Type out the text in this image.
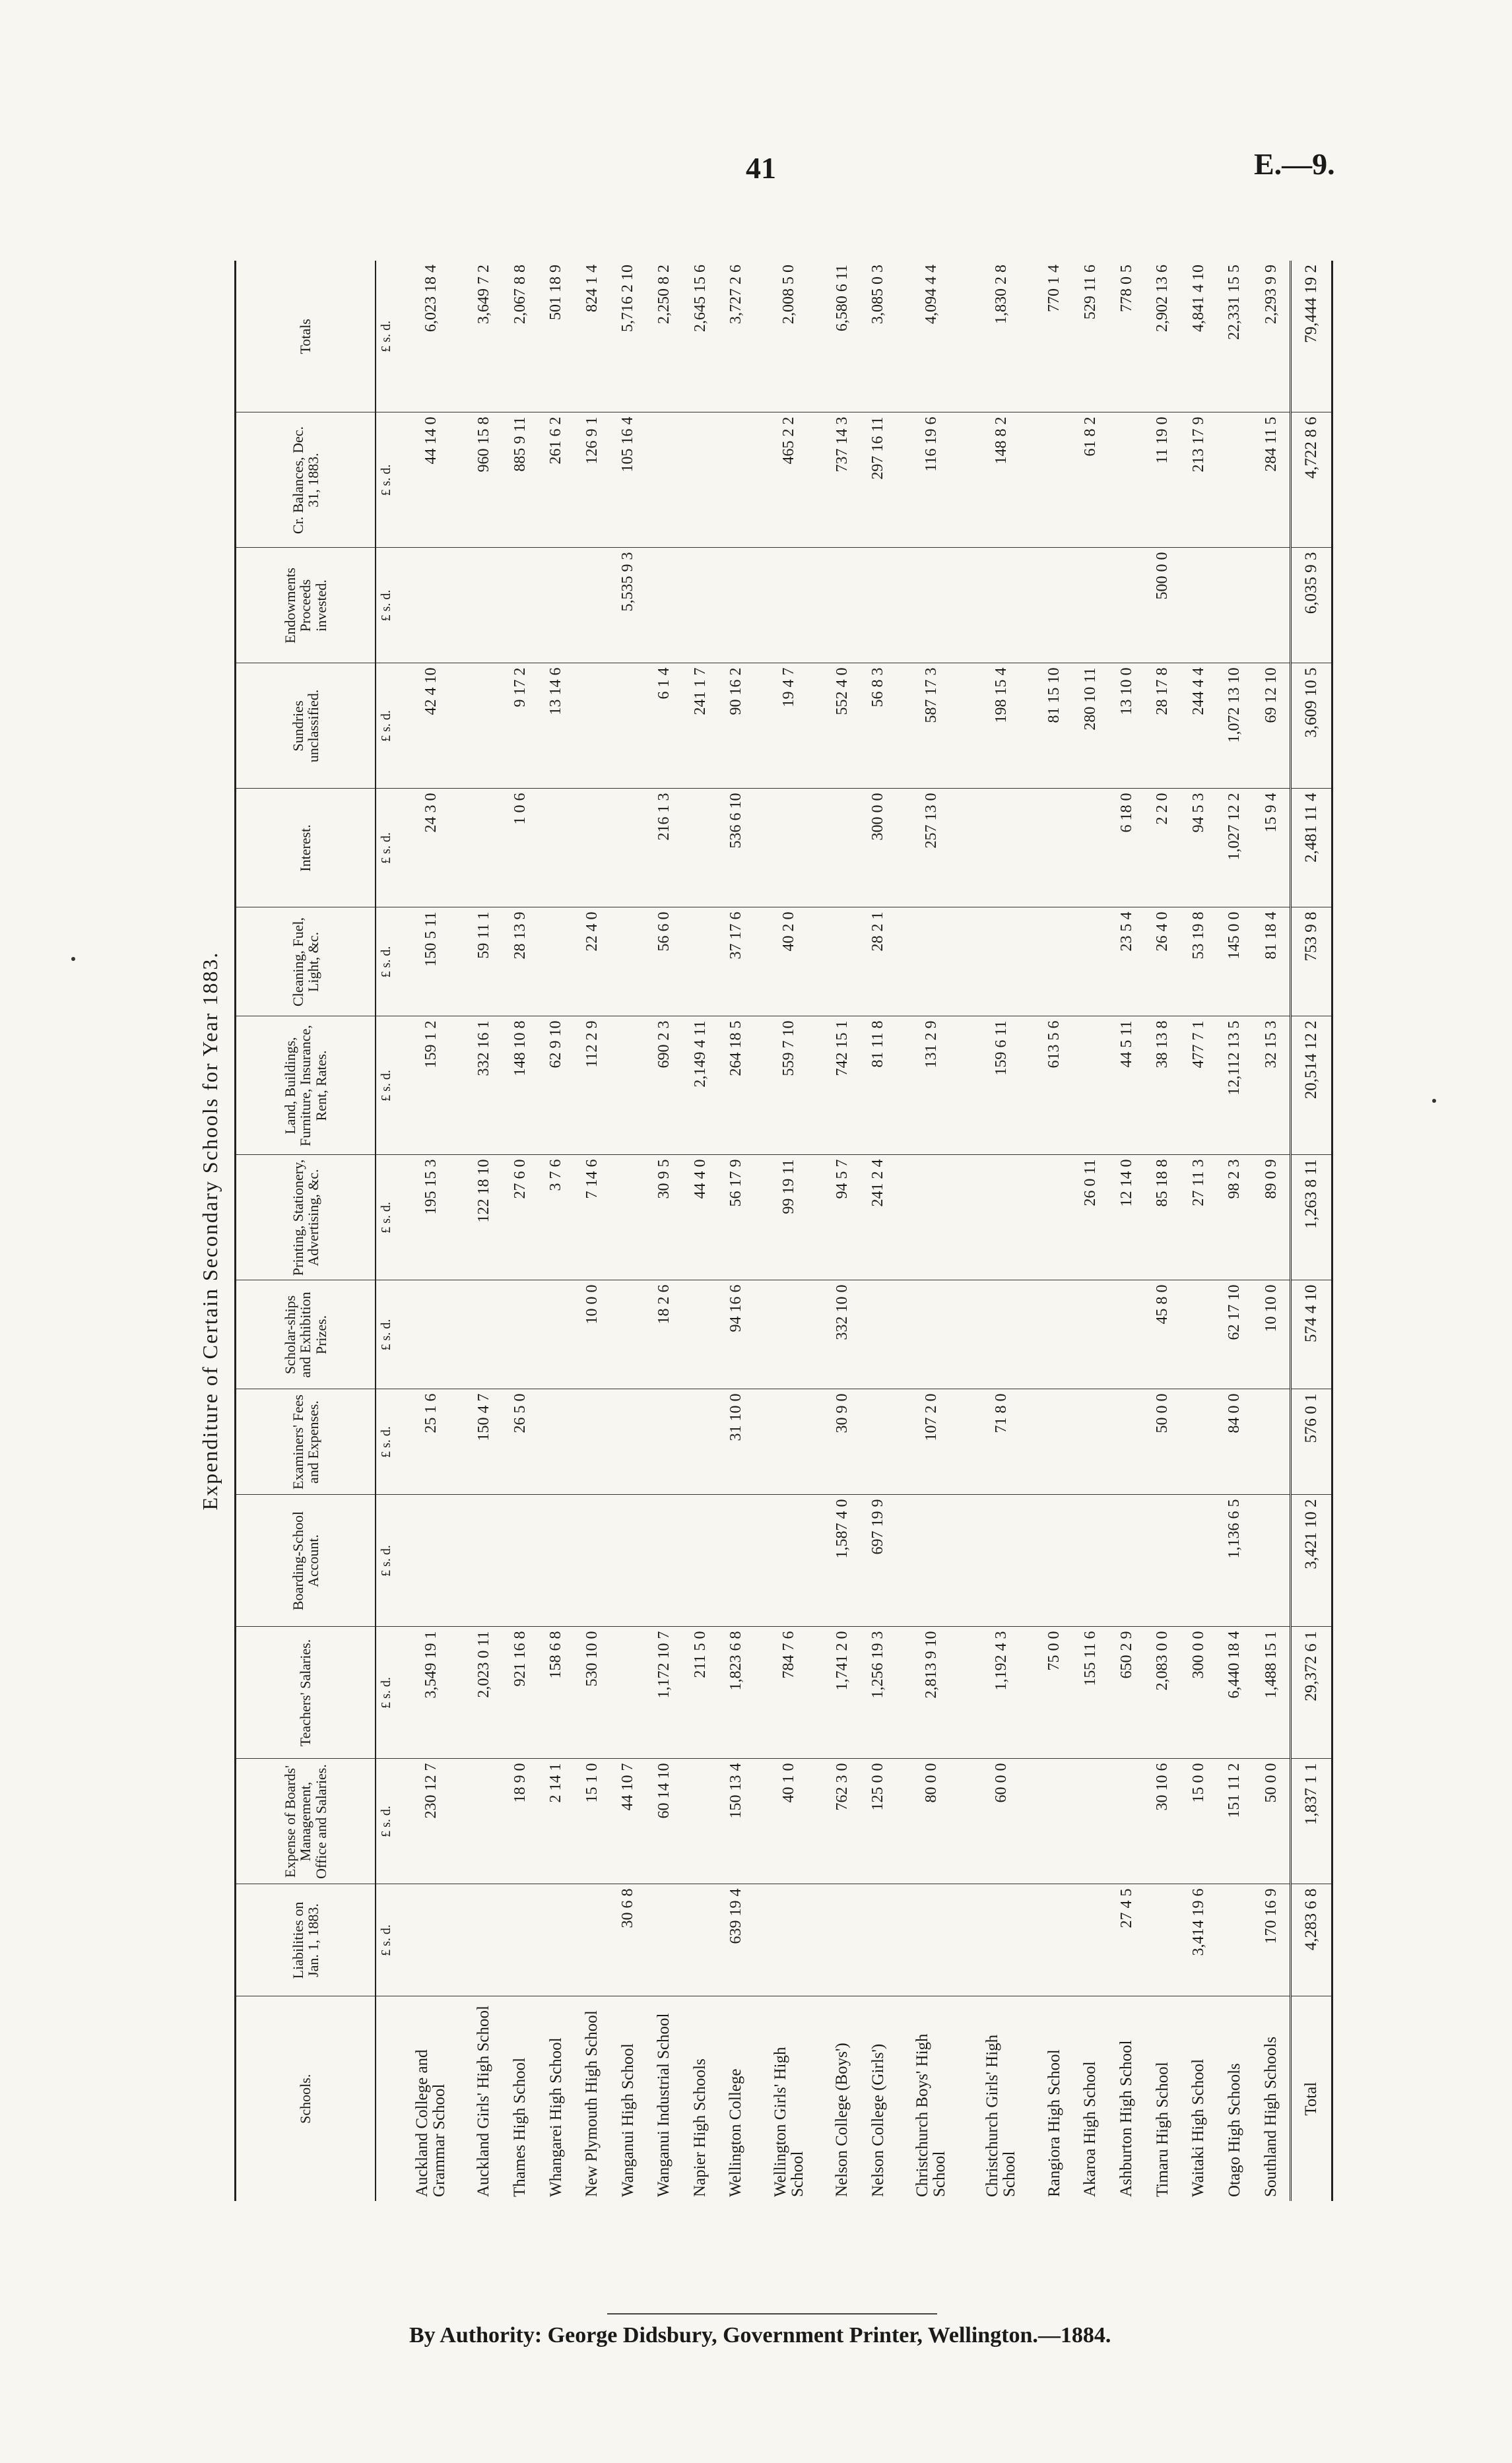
41	E.—9.
Expenditure of Certain Secondary Schools for Year 1883.
Schools.	Liabilities on Jan. 1, 1883.	Expense of Boards' Management, Office and Salaries.	Teachers' Salaries.	Boarding-School Account.	Examiners' Fees and Expenses.	Scholar-ships and Exhibition Prizes.	Printing, Stationery, Advertising, &c.	Land, Buildings, Furniture, Insurance, Rent, Rates.	Cleaning, Fuel, Light, &c.	Interest.	Sundries unclassified.	Endowments Proceeds invested.	Cr. Balances, Dec. 31, 1883.	Totals
	£ s. d.	£ s. d.	£ s. d.	£ s. d.	£ s. d.	£ s. d.	£ s. d.	£ s. d.	£ s. d.	£ s. d.	£ s. d.	£ s. d.	£ s. d.	£ s. d.
Auckland College and Grammar School		230 12 7	3,549 19 1		25 1 6		195 15 3	159 1 2	150 5 11	24 3 0	42 4 10		44 14 0	6,023 18 4
Auckland Girls' High School			2,023 0 11		150 4 7		122 18 10	332 16 1	59 11 1				960 15 8	3,649 7 2
Thames High School		18 9 0	921 16 8		26 5 0		27 6 0	148 10 8	28 13 9	1 0 6	9 17 2		885 9 11	2,067 8 8
Whangarei High School		2 14 1	158 6 8				3 7 6	62 9 10			13 14 6		261 6 2	501 18 9
New Plymouth High School		15 1 0	530 10 0			10 0 0	7 14 6	112 2 9	22 4 0				126 9 1	824 1 4
Wanganui High School	30 6 8	44 10 7										5,535 9 3	105 16 4	5,716 2 10
Wanganui Industrial School		60 14 10	1,172 10 7			18 2 6	30 9 5	690 2 3	56 6 0	216 1 3	6 1 4			2,250 8 2
Napier High Schools			211 5 0				44 4 0	2,149 4 11			241 1 7			2,645 15 6
Wellington College	639 19 4	150 13 4	1,823 6 8		31 10 0	94 16 6	56 17 9	264 18 5	37 17 6	536 6 10	90 16 2			3,727 2 6
Wellington Girls' High School		40 1 0	784 7 6				99 19 11	559 7 10	40 2 0		19 4 7		465 2 2	2,008 5 0
Nelson College (Boys')		762 3 0	1,741 2 0	1,587 4 0	30 9 0	332 10 0	94 5 7	742 15 1			552 4 0		737 14 3	6,580 6 11
Nelson College (Girls')		125 0 0	1,256 19 3	697 19 9			241 2 4	81 11 8	28 2 1	300 0 0	56 8 3		297 16 11	3,085 0 3
Christchurch Boys' High School		80 0 0	2,813 9 10		107 2 0			131 2 9		257 13 0	587 17 3		116 19 6	4,094 4 4
Christchurch Girls' High School		60 0 0	1,192 4 3		71 8 0			159 6 11			198 15 4		148 8 2	1,830 2 8
Rangiora High School			75 0 0					613 5 6			81 15 10			770 1 4
Akaroa High School			155 11 6				26 0 11				280 10 11		61 8 2	529 11 6
Ashburton High School	27 4 5		650 2 9				12 14 0	44 5 11	23 5 4	6 18 0	13 10 0			778 0 5
Timaru High School		30 10 6	2,083 0 0		50 0 0	45 8 0	85 18 8	38 13 8	26 4 0	2 2 0	28 17 8	500 0 0	11 19 0	2,902 13 6
Waitaki High School	3,414 19 6	15 0 0	300 0 0				27 11 3	477 7 1	53 19 8	94 5 3	244 4 4		213 17 9	4,841 4 10
Otago High Schools		151 11 2	6,440 18 4	1,136 6 5	84 0 0	62 17 10	98 2 3	12,112 13 5	145 0 0	1,027 12 2	1,072 13 10			22,331 15 5
Southland High Schools	170 16 9	50 0 0	1,488 15 1			10 10 0	89 0 9	32 15 3	81 18 4	15 9 4	69 12 10		284 11 5	2,293 9 9
Total	4,283 6 8	1,837 1 1	29,372 6 1	3,421 10 2	576 0 1	574 4 10	1,263 8 11	20,514 12 2	753 9 8	2,481 11 4	3,609 10 5	6,035 9 3	4,722 8 6	79,444 19 2
By Authority: George Didsbury, Government Printer, Wellington.—1884.
